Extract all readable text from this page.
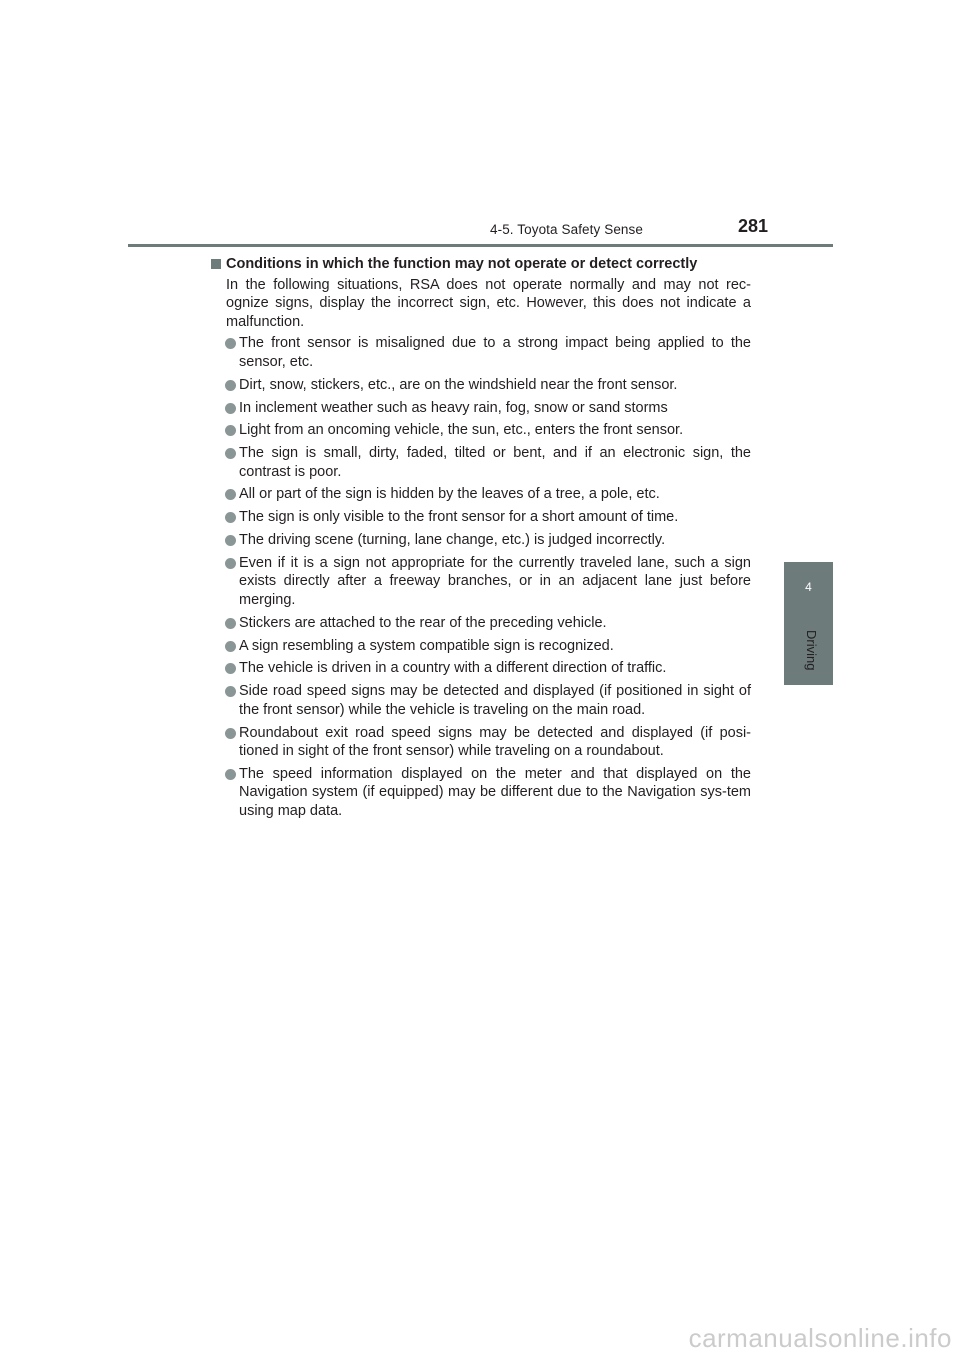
4-5. Toyota Safety Sense	281
4
Driving
Conditions in which the function may not operate or detect correctly

In the following situations, RSA does not operate normally and may not rec-ognize signs, display the incorrect sign, etc. However, this does not indicate a malfunction.

The front sensor is misaligned due to a strong impact being applied to the sensor, etc.
Dirt, snow, stickers, etc., are on the windshield near the front sensor.
In inclement weather such as heavy rain, fog, snow or sand storms
Light from an oncoming vehicle, the sun, etc., enters the front sensor.
The sign is small, dirty, faded, tilted or bent, and if an electronic sign, the contrast is poor.
All or part of the sign is hidden by the leaves of a tree, a pole, etc.
The sign is only visible to the front sensor for a short amount of time.
The driving scene (turning, lane change, etc.) is judged incorrectly.
Even if it is a sign not appropriate for the currently traveled lane, such a sign exists directly after a freeway branches, or in an adjacent lane just before merging.
Stickers are attached to the rear of the preceding vehicle.
A sign resembling a system compatible sign is recognized.
The vehicle is driven in a country with a different direction of traffic.
Side road speed signs may be detected and displayed (if positioned in sight of the front sensor) while the vehicle is traveling on the main road.
Roundabout exit road speed signs may be detected and displayed (if posi-tioned in sight of the front sensor) while traveling on a roundabout.
The speed information displayed on the meter and that displayed on the Navigation system (if equipped) may be different due to the Navigation sys-tem using map data.
carmanualsonline.info
